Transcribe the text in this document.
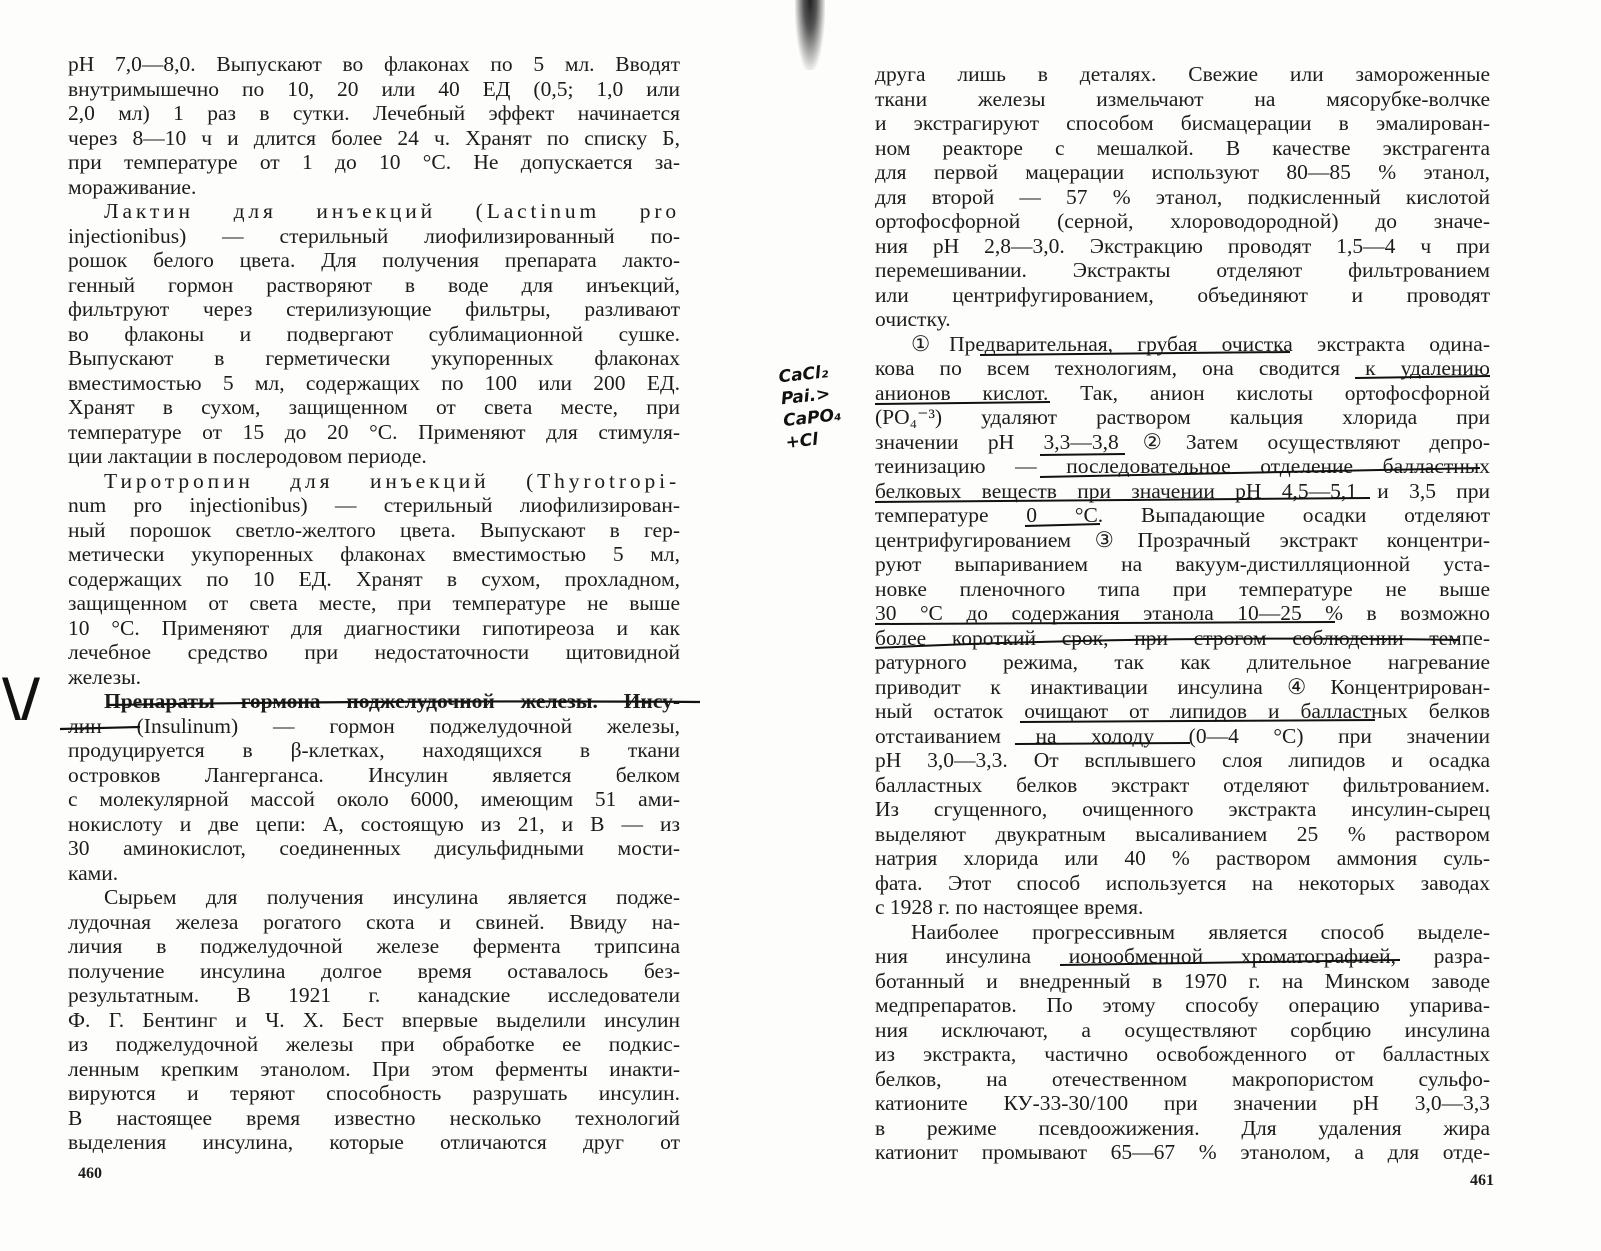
\/
pH 7,0—8,0. Выпускают во флаконах по 5 мл. Вводят
внутримышечно по 10, 20 или 40 ЕД (0,5; 1,0 или
2,0 мл) 1 раз в сутки. Лечебный эффект начинается
через 8—10 ч и длится более 24 ч. Хранят по списку Б,
при температуре от 1 до 10 °С. Не допускается за-
мораживание.
Лактин для инъекций (Lactinum pro
injectionibus) — стерильный лиофилизированный по-
рошок белого цвета. Для получения препарата лакто-
генный гормон растворяют в воде для инъекций,
фильтруют через стерилизующие фильтры, разливают
во флаконы и подвергают сублимационной сушке.
Выпускают в герметически укупоренных флаконах
вместимостью 5 мл, содержащих по 100 или 200 ЕД.
Хранят в сухом, защищенном от света месте, при
температуре от 15 до 20 °С. Применяют для стимуля-
ции лактации в послеродовом периоде.
Тиротропин для инъекций (Thyrotropi-
num pro injectionibus) — стерильный лиофилизирован-
ный порошок светло-желтого цвета. Выпускают в гер-
метически укупоренных флаконах вместимостью 5 мл,
содержащих по 10 ЕД. Хранят в сухом, прохладном,
защищенном от света месте, при температуре не выше
10 °С. Применяют для диагностики гипотиреоза и как
лечебное средство при недостаточности щитовидной
железы.
Препараты гормона поджелудочной железы. Инсу-
лин (Insulinum) — гормон поджелудочной железы,
продуцируется в β-клетках, находящихся в ткани
островков Лангерганса. Инсулин является белком
с молекулярной массой около 6000, имеющим 51 ами-
нокислоту и две цепи: А, состоящую из 21, и В — из
30 аминокислот, соединенных дисульфидными мости-
ками.
Сырьем для получения инсулина является подже-
лудочная железа рогатого скота и свиней. Ввиду на-
личия в поджелудочной железе фермента трипсина
получение инсулина долгое время оставалось без-
результатным. В 1921 г. канадские исследователи
Ф. Г. Бентинг и Ч. Х. Бест впервые выделили инсулин
из поджелудочной железы при обработке ее подкис-
ленным крепким этанолом. При этом ферменты инакти-
вируются и теряют способность разрушать инсулин.
В настоящее время известно несколько технологий
выделения инсулина, которые отличаются друг от
460
CaCl₂ Pai.> CaPO₄ +Cl
друга лишь в деталях. Свежие или замороженные
ткани железы измельчают на мясорубке-волчке
и экстрагируют способом бисмацерации в эмалирован-
ном реакторе с мешалкой. В качестве экстрагента
для первой мацерации используют 80—85 % этанол,
для второй — 57 % этанол, подкисленный кислотой
ортофосфорной (серной, хлороводородной) до значе-
ния pH 2,8—3,0. Экстракцию проводят 1,5—4 ч при
перемешивании. Экстракты отделяют фильтрованием
или центрифугированием, объединяют и проводят
очистку.
①Предварительная, грубая очистка экстракта одина-
кова по всем технологиям, она сводится к удалению
анионов кислот. Так, анион кислоты ортофосфорной
(PO₄⁻³) удаляют раствором кальция хлорида при
значении pH 3,3—3,8②Затем осуществляют депро-
теинизацию — последовательное отделение балластных
белковых веществ при значении pH 4,5—5,1 и 3,5 при
температуре 0 °С. Выпадающие осадки отделяют
центрифугированием③Прозрачный экстракт концентри-
руют выпариванием на вакуум-дистилляционной уста-
новке пленочного типа при температуре не выше
30 °С до содержания этанола 10—25 % в возможно
более короткий срок, при строгом соблюдении темпе-
ратурного режима, так как длительное нагревание
приводит к инактивации инсулина④Концентрирован-
ный остаток очищают от липидов и балластных белков
отстаиванием на холоду (0—4 °С) при значении
pH 3,0—3,3. От всплывшего слоя липидов и осадка
балластных белков экстракт отделяют фильтрованием.
Из сгущенного, очищенного экстракта инсулин-сырец
выделяют двукратным высаливанием 25 % раствором
натрия хлорида или 40 % раствором аммония суль-
фата. Этот способ используется на некоторых заводах
с 1928 г. по настоящее время.
Наиболее прогрессивным является способ выделе-
ния инсулина ионообменной хроматографией, разра-
ботанный и внедренный в 1970 г. на Минском заводе
медпрепаратов. По этому способу операцию упарива-
ния исключают, а осуществляют сорбцию инсулина
из экстракта, частично освобожденного от балластных
белков, на отечественном макропористом сульфо-
катионите КУ-33-30/100 при значении pH 3,0—3,3
в режиме псевдоожижения. Для удаления жира
катионит промывают 65—67 % этанолом, а для отде-
461
